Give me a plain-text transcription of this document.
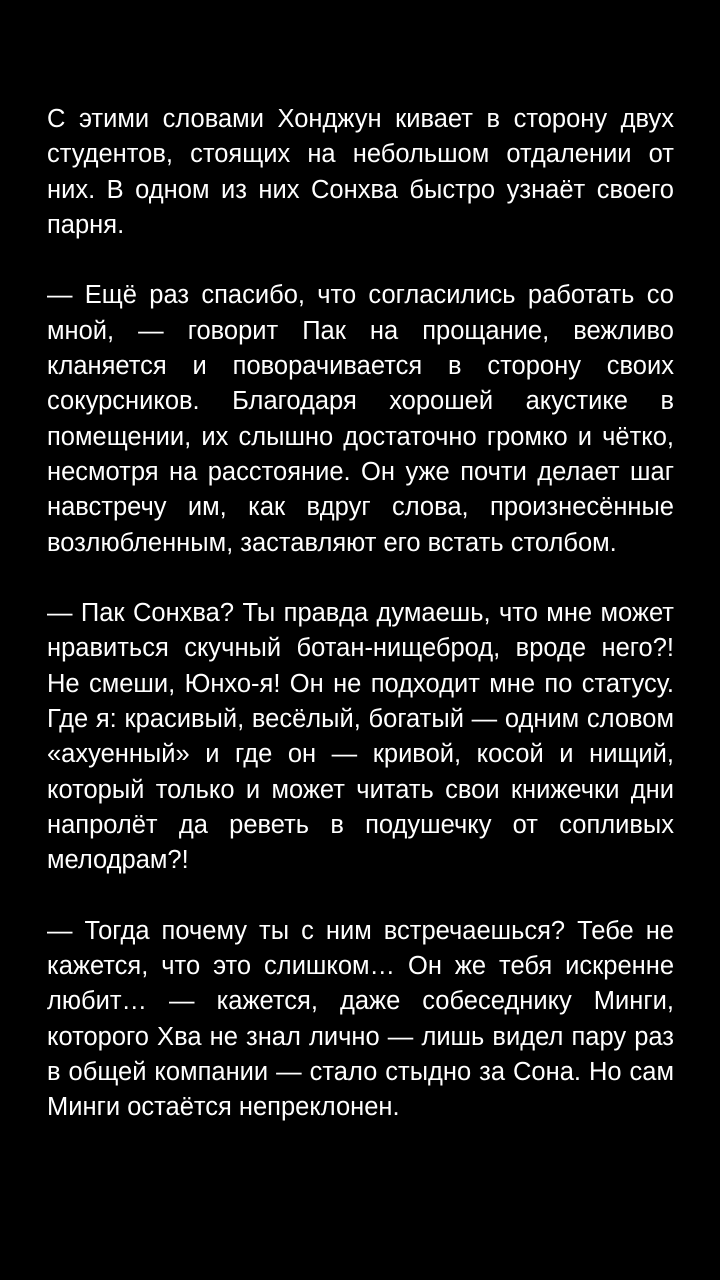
С этими словами Хонджун кивает в сторону двух студентов, стоящих на небольшом отдалении от них. В одном из них Сонхва быстро узнаёт своего парня.

— Ещё раз спасибо, что согласились работать со мной, — говорит Пак на прощание, вежливо кланяется и поворачивается в сторону своих сокурсников. Благодаря хорошей акустике в помещении, их слышно достаточно громко и чётко, несмотря на расстояние. Он уже почти делает шаг навстречу им, как вдруг слова, произнесённые возлюбленным, заставляют его встать столбом.

— Пак Сонхва? Ты правда думаешь, что мне может нравиться скучный ботан-нищеброд, вроде него?! Не смеши, Юнхо-я! Он не подходит мне по статусу. Где я: красивый, весёлый, богатый — одним словом «ахуенный» и где он — кривой, косой и нищий, который только и может читать свои книжечки дни напролёт да реветь в подушечку от сопливых мелодрам?!

— Тогда почему ты с ним встречаешься? Тебе не кажется, что это слишком… Он же тебя искренне любит… — кажется, даже собеседнику Минги, которого Хва не знал лично — лишь видел пару раз в общей компании — стало стыдно за Сона. Но сам Минги остаётся непреклонен.
